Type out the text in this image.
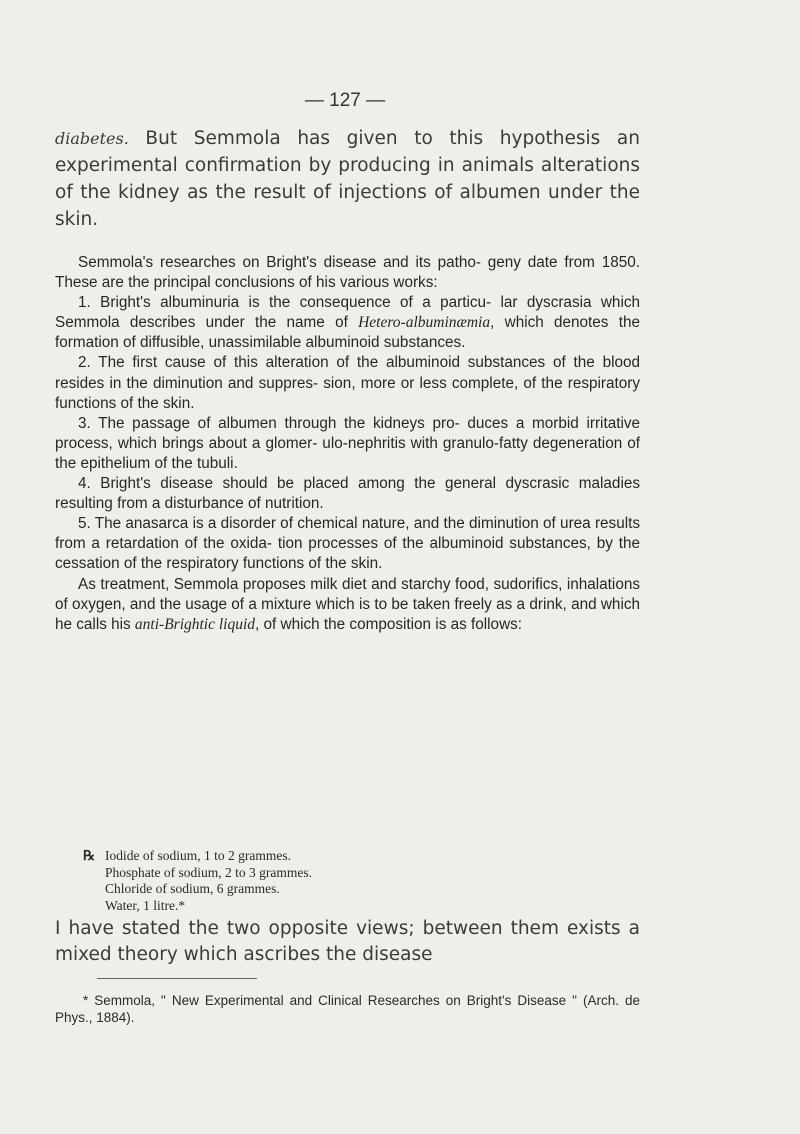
— 127 —

diabetes. But Semmola has given to this hypothesis an experimental confirmation by producing in animals alterations of the kidney as the result of injections of albumen under the skin.

Semmola's researches on Bright's disease and its patho- geny date from 1850. These are the principal conclusions of his various works:

1. Bright's albuminuria is the consequence of a particu- lar dyscrasia which Semmola describes under the name of Hetero-albuminæmia, which denotes the formation of diffusible, unassimilable albuminoid substances.

2. The first cause of this alteration of the albuminoid substances of the blood resides in the diminution and suppres- sion, more or less complete, of the respiratory functions of the skin.

3. The passage of albumen through the kidneys pro- duces a morbid irritative process, which brings about a glomer- ulo-nephritis with granulo-fatty degeneration of the epithelium of the tubuli.

4. Bright's disease should be placed among the general dyscrasic maladies resulting from a disturbance of nutrition.

5. The anasarca is a disorder of chemical nature, and the diminution of urea results from a retardation of the oxida- tion processes of the albuminoid substances, by the cessation of the respiratory functions of the skin.

As treatment, Semmola proposes milk diet and starchy food, sudorifics, inhalations of oxygen, and the usage of a mixture which is to be taken freely as a drink, and which he calls his anti-Brightic liquid, of which the composition is as follows:

℞ Iodide of sodium, 1 to 2 grammes.
Phosphate of sodium, 2 to 3 grammes.
Chloride of sodium, 6 grammes.
Water, 1 litre.*

I have stated the two opposite views; between them exists a mixed theory which ascribes the disease

* Semmola, " New Experimental and Clinical Researches on Bright's Disease " (Arch. de Phys., 1884).
